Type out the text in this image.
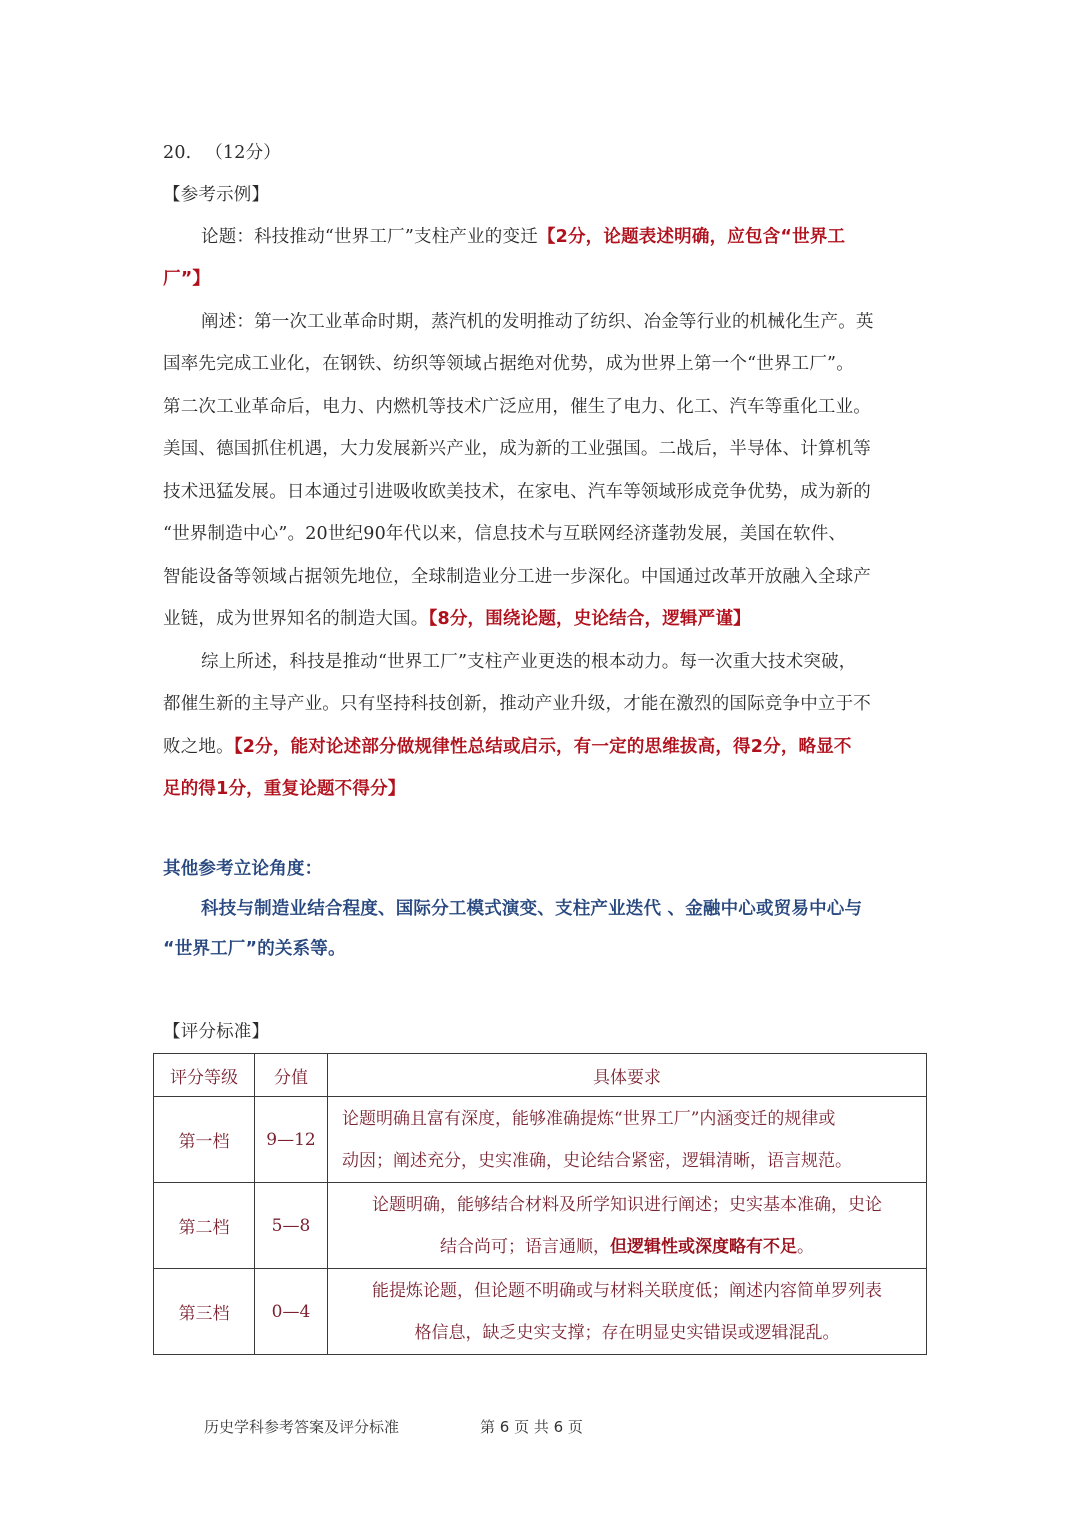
20. （12分）
【参考示例】
论题：科技推动“世界工厂”支柱产业的变迁【2分，论题表述明确，应包含“世界工
厂”】
阐述：第一次工业革命时期，蒸汽机的发明推动了纺织、冶金等行业的机械化生产。英
国率先完成工业化，在钢铁、纺织等领域占据绝对优势，成为世界上第一个“世界工厂”。
第二次工业革命后，电力、内燃机等技术广泛应用，催生了电力、化工、汽车等重化工业。
美国、德国抓住机遇，大力发展新兴产业，成为新的工业强国。二战后，半导体、计算机等
技术迅猛发展。日本通过引进吸收欧美技术，在家电、汽车等领域形成竞争优势，成为新的
“世界制造中心”。20世纪90年代以来，信息技术与互联网经济蓬勃发展，美国在软件、
智能设备等领域占据领先地位，全球制造业分工进一步深化。中国通过改革开放融入全球产
业链，成为世界知名的制造大国。【8分，围绕论题，史论结合，逻辑严谨】
综上所述，科技是推动“世界工厂”支柱产业更迭的根本动力。每一次重大技术突破，
都催生新的主导产业。只有坚持科技创新，推动产业升级，才能在激烈的国际竞争中立于不
败之地。【2分，能对论述部分做规律性总结或启示，有一定的思维拔高，得2分，略显不
足的得1分，重复论题不得分】
其他参考立论角度：
科技与制造业结合程度、国际分工模式演变、支柱产业迭代 、金融中心或贸易中心与
“世界工厂”的关系等。
【评分标准】
评分等级	分值	具体要求
第一档	9—12	论题明确且富有深度，能够准确提炼“世界工厂”内涵变迁的规律或
动因；阐述充分，史实准确，史论结合紧密，逻辑清晰，语言规范。

第二档	5—8	论题明确，能够结合材料及所学知识进行阐述；史实基本准确，史论
结合尚可；语言通顺，但逻辑性或深度略有不足。

第三档	0—4	能提炼论题，但论题不明确或与材料关联度低；阐述内容简单罗列表
格信息，缺乏史实支撑；存在明显史实错误或逻辑混乱。
历史学科参考答案及评分标准	第 6 页 共 6 页
